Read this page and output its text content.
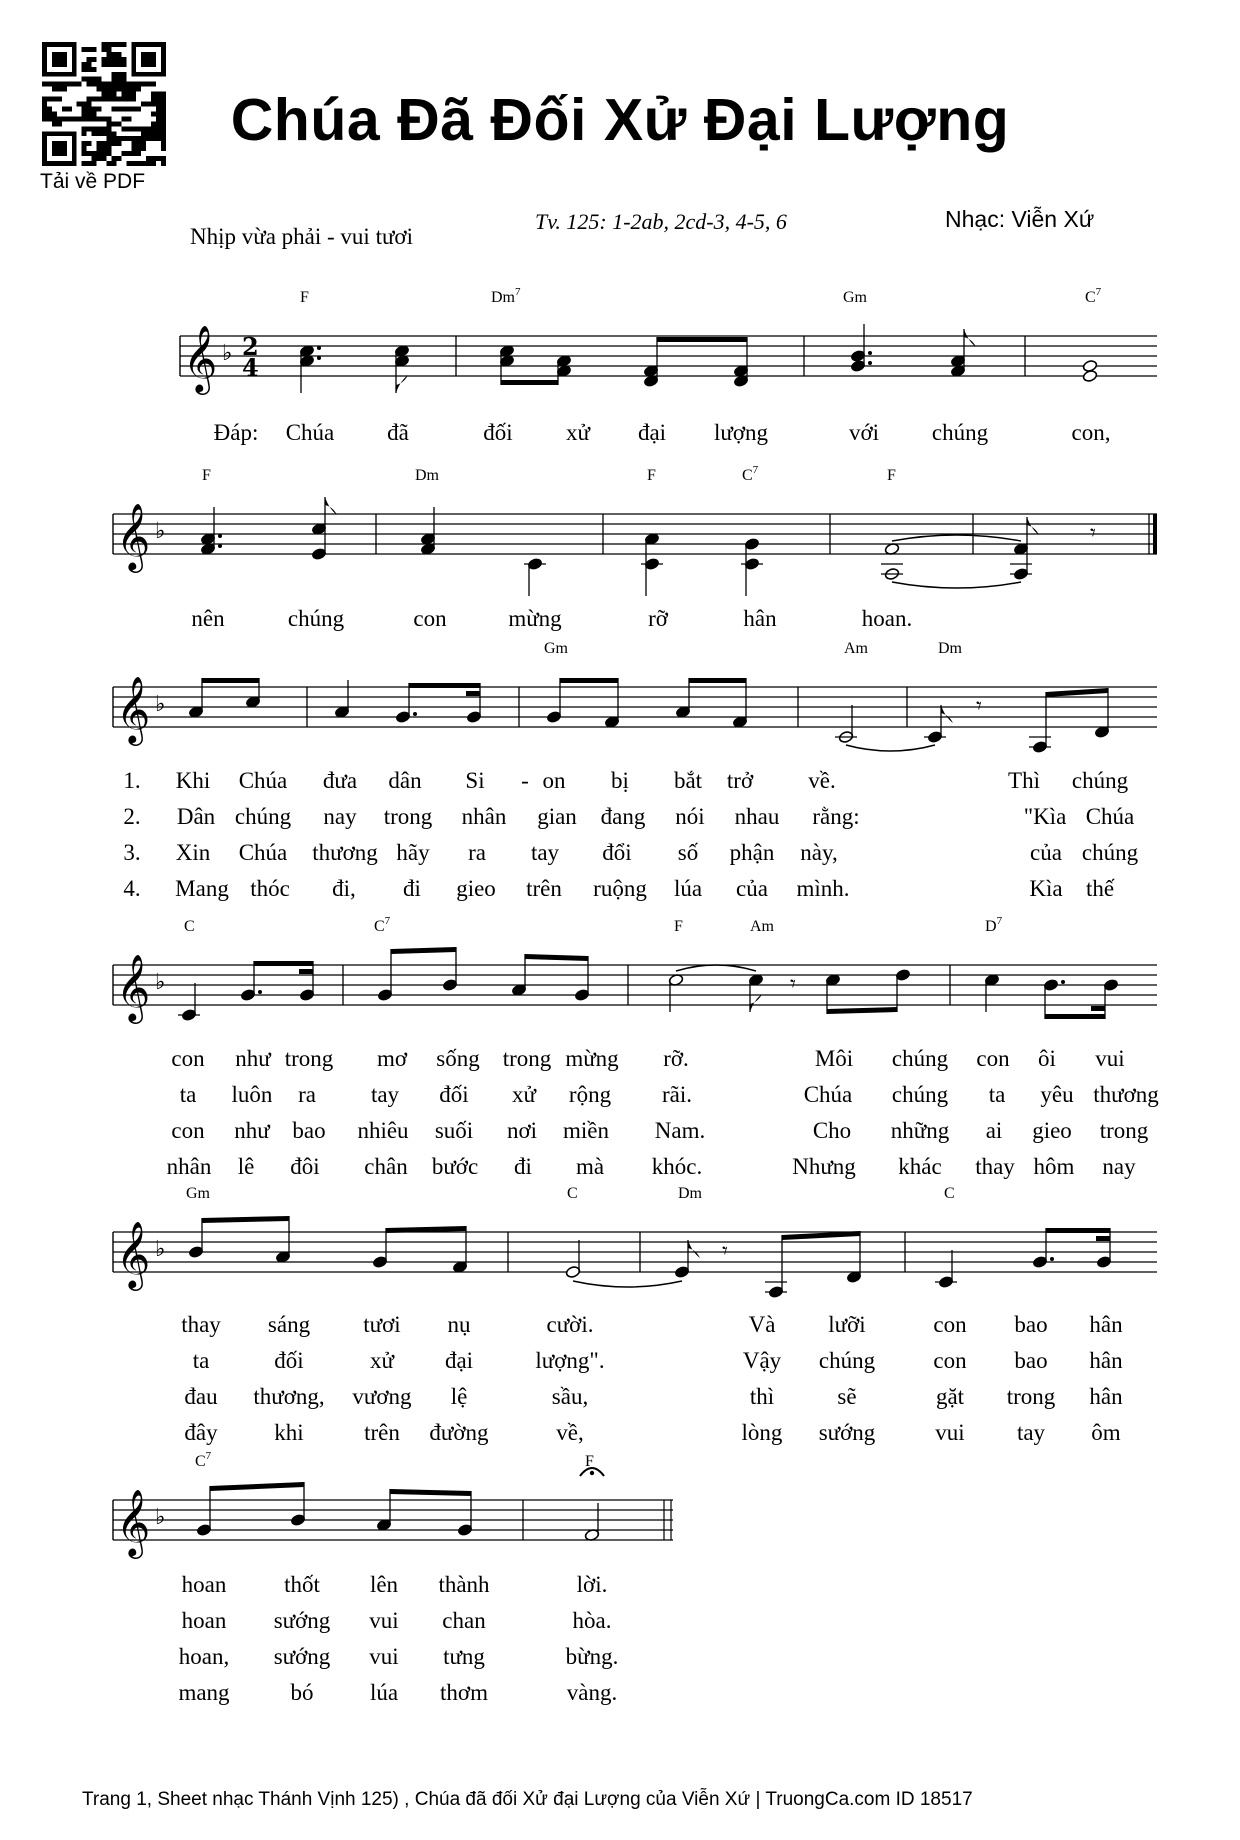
Tải về PDF
Chúa Đã Đối Xử Đại Lượng
Nhịp vừa phải - vui tươi
Tv. 125: 1-2ab, 2cd-3, 4-5, 6	Nhạc: Viễn Xứ
𝄞 ♭ 2
4
F	Dm$^7$	Gm	$C^7$
Đáp: Chúa đã	đối xử đại lượng	với chúng	con,
𝄞 ♭
F	Dm	F	$C^7$	F
𝄾
nên	chúng	con	mừng	rỡ	hân	hoan.
𝄞 ♭
Gm	Am	Dm
𝄾
1. Khi Chúa đưa dân Si - on bị bắt trở về.	Thì chúng
2. Dân chúng nay trong nhân gian đang nói nhau rằng:	"Kìa Chúa
3. Xin Chúa thương hãy ra tay đổi số phận này,	của chúng
4. Mang thóc đi, đi gieo trên ruộng lúa của mình.	Kìa thế
𝄞 ♭
C	$C^7$	F	Am	$D^7$
𝄾
con như trong mơ sống trong mừng rỡ.	Môi chúng con ôi vui
ta luôn ra tay đối xử rộng rãi.	Chúa chúng ta yêu thương
con như bao nhiêu suối nơi miền Nam.	Cho những ai gieo trong
nhân lê đôi chân bước đi mà khóc.	Nhưng khác thay hôm nay
𝄞 ♭
Gm	C	Dm	C
𝄾
thay sáng tươi nụ	cười.	Và lưỡi	con bao hân
ta	đối	xử đại	lượng".	Vậy chúng	con bao hân
đau thương, vương lệ	sầu,	thì	sẽ	gặt trong hân
đây khi	trên đường	về,	lòng sướng	vui tay ôm
𝄞 ♭
$C^7$	F
hoan	thốt lên thành	lời.
hoan sướng vui chan	hòa.
hoan, sướng vui tưng	bừng.
mang	bó lúa thơm	vàng.
Trang 1, Sheet nhạc Thánh Vịnh 125) , Chúa đã đối Xử đại Lượng của Viễn Xứ | TruongCa.com ID 18517
